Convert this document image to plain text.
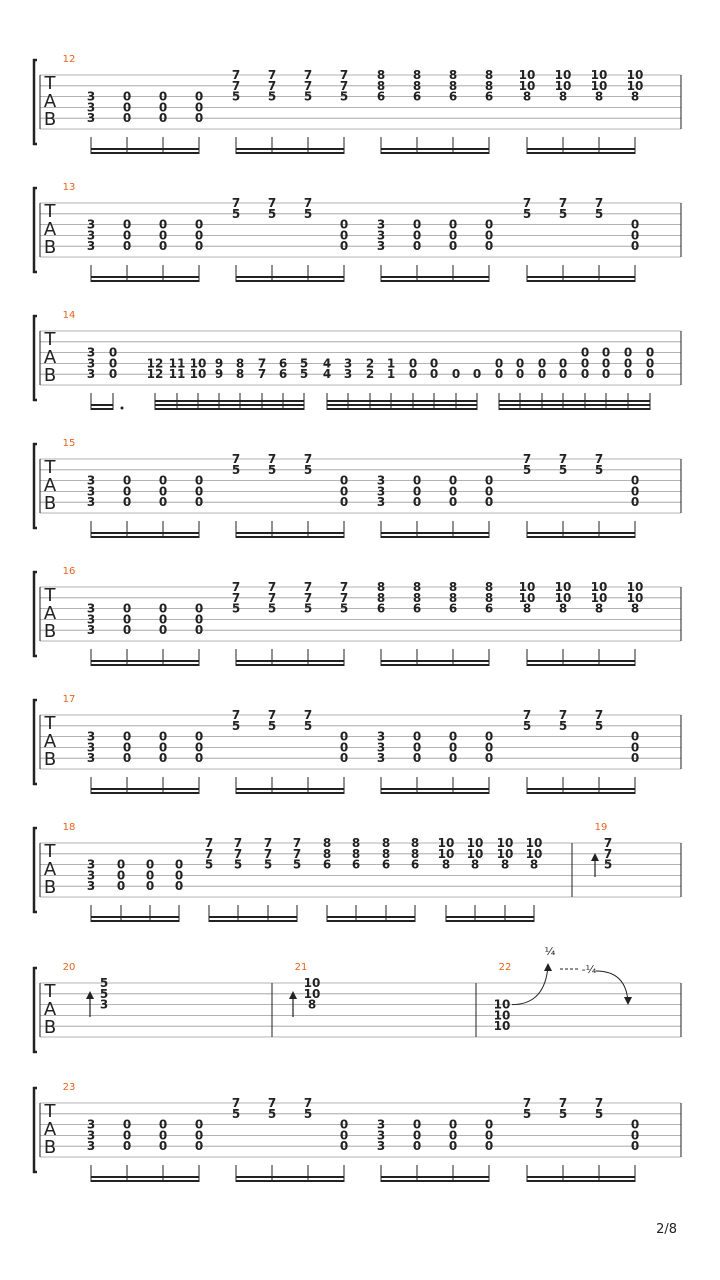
T
A
B
12
3
3
3
0
0
0
0
0
0
0
0
0
7
7
5
7
7
5
7
7
5
7
7
5
8
8
6
8
8
6
8
8
6
8
8
6
10
10
8
10
10
8
10
10
8
10
10
8
T
A
B
13
3
3
3
0
0
0
0
0
0
0
0
0
7
5
7
5
7
5
0
0
0
3
3
3
0
0
0
0
0
0
0
0
0
7
5
7
5
7
5
0
0
0
T
A
B
14
3
3
3
0
0
0
12
12
11
11
10
10
9
9
8
8
7
7
6
6
5
5
4
4
3
3
2
2
1
1
0
0
0
0 0 0
0
0
0
0
0
0
0
0
0
0
0
0
0
0
0
0
0
0
0
0
T
A
B
15
3
3
3
0
0
0
0
0
0
0
0
0
7
5
7
5
7
5
0
0
0
3
3
3
0
0
0
0
0
0
0
0
0
7
5
7
5
7
5
0
0
0
T
A
B
16
3
3
3
0
0
0
0
0
0
0
0
0
7
7
5
7
7
5
7
7
5
7
7
5
8
8
6
8
8
6
8
8
6
8
8
6
10
10
8
10
10
8
10
10
8
10
10
8
T
A
B
17
3
3
3
0
0
0
0
0
0
0
0
0
7
5
7
5
7
5
0
0
0
3
3
3
0
0
0
0
0
0
0
0
0
7
5
7
5
7
5
0
0
0
T
A
B
18
3
3
3
0
0
0
0
0
0
0
0
0
7
7
5
7
7
5
7
7
5
7
7
5
8
8
6
8
8
6
8
8
6
8
8
6
10
10
8
10
10
8
10
10
8
10
10
8
19
7
7
5
T
A
B
20
5
5
3
21
10
10
8
22
10
10
10
¼
-¼
T
A
B
23
3
3
3
0
0
0
0
0
0
0
0
0
7
5
7
5
7
5
0
0
0
3
3
3
0
0
0
0
0
0
0
0
0
7
5
7
5
7
5
0
0
0
2/8
